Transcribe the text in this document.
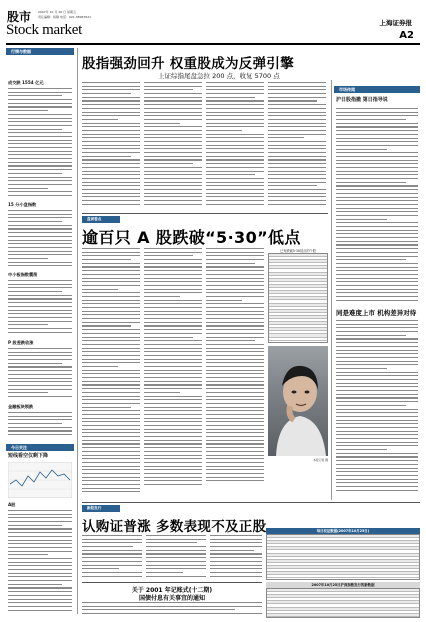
股市 2007年 10 月 26 日 星期五
责任编辑：杨静 电话：021-38967621
Stock market	上海证券报
A2
行情与数据
成交跌 1554 亿元
15 分小盘指数
中小板指数震荡
P 股差跌收涨
金融板块领跌
今日关注
短线看空仅剩下降
A股
股指强劲回升 权重股成为反弹引擎
上证综指尾盘急拉 200 点，收复 5700 点
市场传闻
沪日股指撤 第日指导说
同是难度上市 机构差异对待
盘面看点
逾百只 A 股跌破“5·30”低点
已有跌破5·30低点的个股
本报记者 摄
新股发行
认购证普涨 多数表现不及正股
关于 2001 年记账式(十二期)
国债付息有关事宜的通知
每日权证数据(2007年10月25日)
2007年10月25日沪深指数发行的新数据
